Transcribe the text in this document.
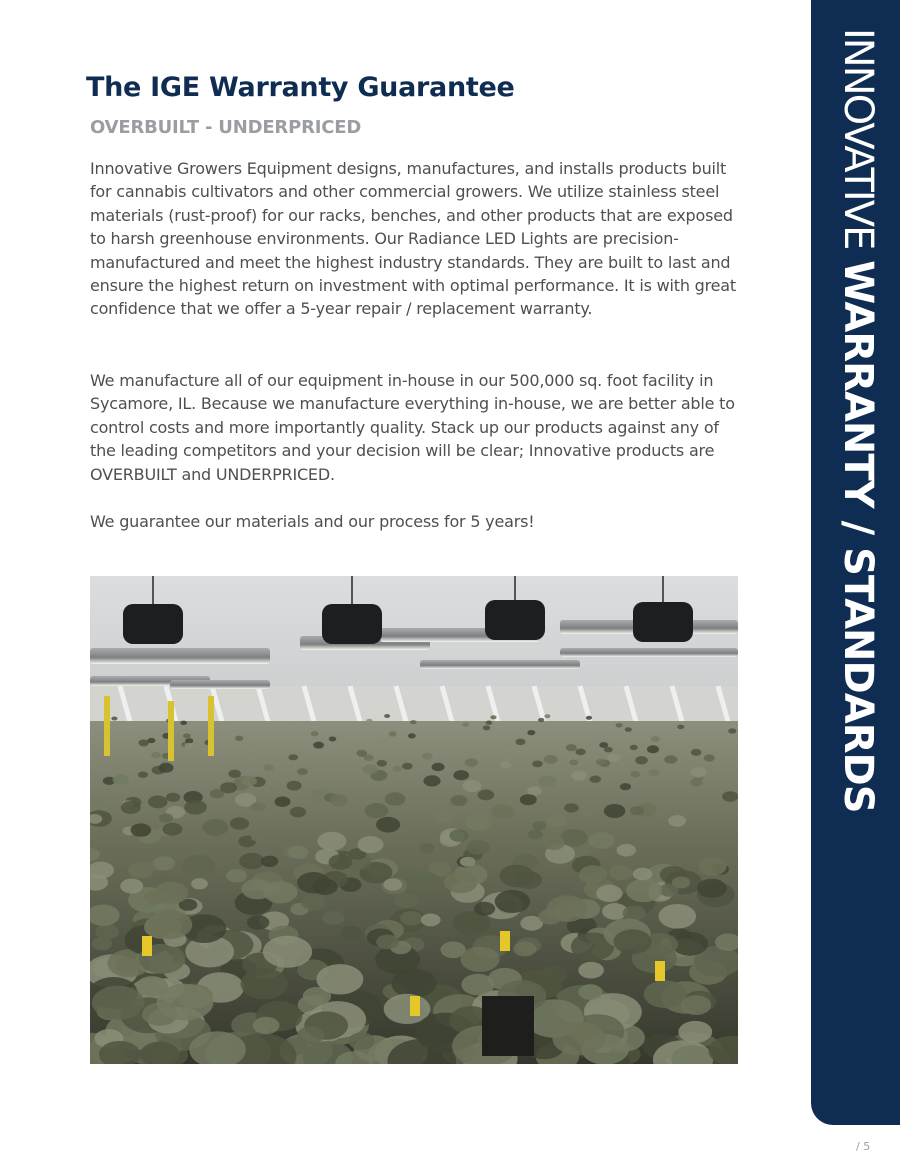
The IGE Warranty Guarantee
OVERBUILT - UNDERPRICED

Innovative Growers Equipment designs, manufactures, and installs products built for cannabis cultivators and other commercial growers. We utilize stainless steel materials (rust-proof) for our racks, benches, and other products that are exposed to harsh greenhouse environments. Our Radiance LED Lights are precision-manufactured and meet the highest industry standards. They are built to last and ensure the highest return on investment with optimal performance. It is with great confidence that we offer a 5-year repair / replacement warranty.

We manufacture all of our equipment in-house in our 500,000 sq. foot facility in Sycamore, IL. Because we manufacture everything in-house, we are better able to control costs and more importantly quality. Stack up our products against any of the leading competitors and your decision will be clear; Innovative products are OVERBUILT and UNDERPRICED.

We guarantee our materials and our process for 5 years!

INNOVATIVE WARRANTY / STANDARDS
/ 5
